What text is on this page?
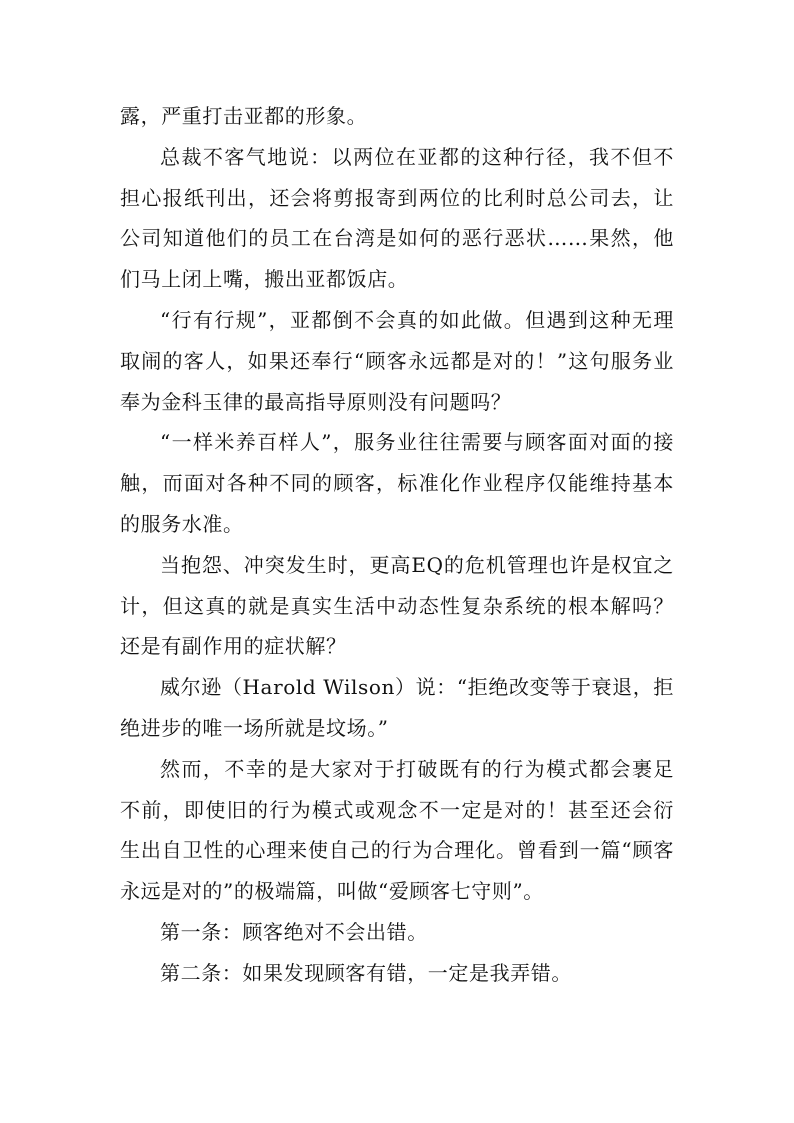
露，严重打击亚都的形象。

总裁不客气地说：以两位在亚都的这种行径，我不但不担心报纸刊出，还会将剪报寄到两位的比利时总公司去，让公司知道他们的员工在台湾是如何的恶行恶状……果然，他们马上闭上嘴，搬出亚都饭店。

“行有行规”，亚都倒不会真的如此做。但遇到这种无理取闹的客人，如果还奉行“顾客永远都是对的！”这句服务业奉为金科玉律的最高指导原则没有问题吗？

“一样米养百样人”，服务业往往需要与顾客面对面的接触，而面对各种不同的顾客，标准化作业程序仅能维持基本的服务水准。

当抱怨、冲突发生时，更高EQ的危机管理也许是权宜之计，但这真的就是真实生活中动态性复杂系统的根本解吗？还是有副作用的症状解？

威尔逊（Harold Wilson）说：“拒绝改变等于衰退，拒绝进步的唯一场所就是坟场。”

然而，不幸的是大家对于打破既有的行为模式都会裹足不前，即使旧的行为模式或观念不一定是对的！甚至还会衍生出自卫性的心理来使自己的行为合理化。曾看到一篇“顾客永远是对的”的极端篇，叫做“爱顾客七守则”。

第一条：顾客绝对不会出错。

第二条：如果发现顾客有错，一定是我弄错。
